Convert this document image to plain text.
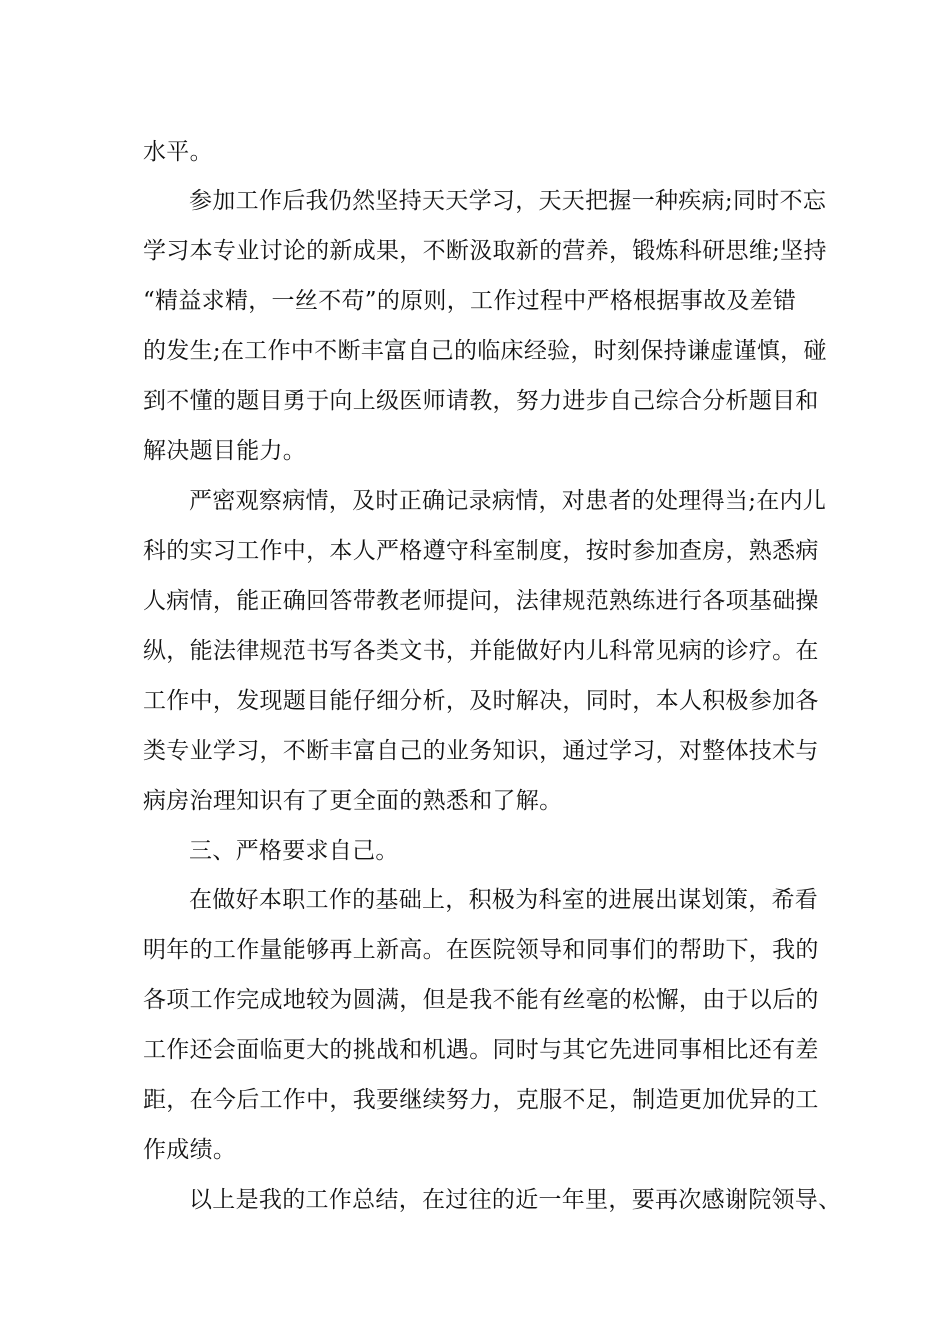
水平。
参加工作后我仍然坚持天天学习，天天把握一种疾病;同时不忘
学习本专业讨论的新成果，不断汲取新的营养，锻炼科研思维;坚持
“精益求精，一丝不苟”的原则，工作过程中严格根据事故及差错
的发生;在工作中不断丰富自己的临床经验，时刻保持谦虚谨慎，碰
到不懂的题目勇于向上级医师请教，努力进步自己综合分析题目和
解决题目能力。
严密观察病情，及时正确记录病情，对患者的处理得当;在内儿
科的实习工作中，本人严格遵守科室制度，按时参加查房，熟悉病
人病情，能正确回答带教老师提问，法律规范熟练进行各项基础操
纵，能法律规范书写各类文书，并能做好内儿科常见病的诊疗。在
工作中，发现题目能仔细分析，及时解决，同时，本人积极参加各
类专业学习，不断丰富自己的业务知识，通过学习，对整体技术与
病房治理知识有了更全面的熟悉和了解。
三、严格要求自己。
在做好本职工作的基础上，积极为科室的进展出谋划策，希看
明年的工作量能够再上新高。在医院领导和同事们的帮助下，我的
各项工作完成地较为圆满，但是我不能有丝毫的松懈，由于以后的
工作还会面临更大的挑战和机遇。同时与其它先进同事相比还有差
距，在今后工作中，我要继续努力，克服不足，制造更加优异的工
作成绩。
以上是我的工作总结，在过往的近一年里，要再次感谢院领导、
